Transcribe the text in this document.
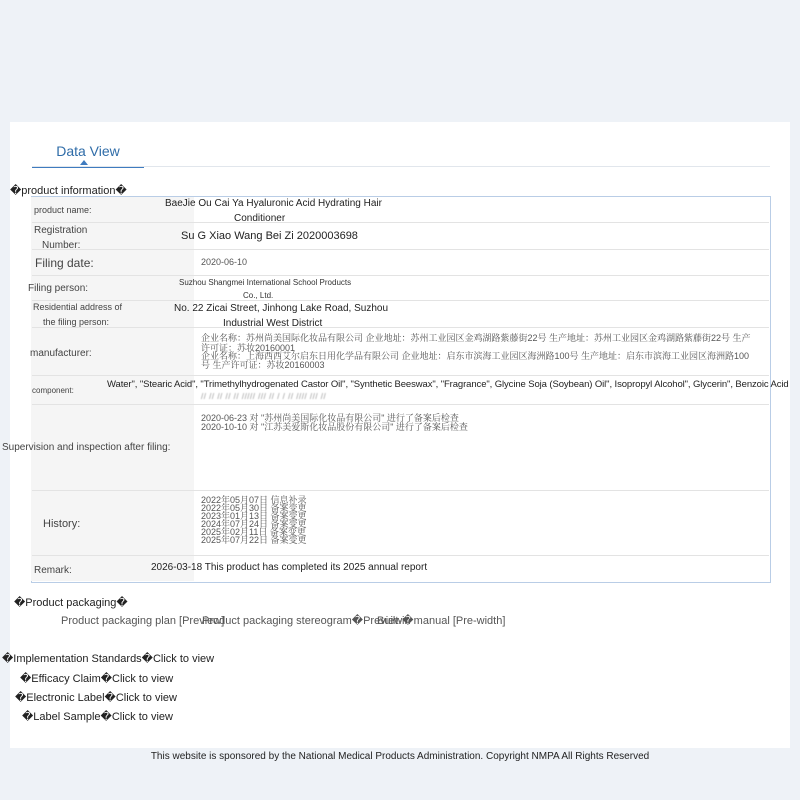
Data View
�product information�
product name:
BaeJie Ou Cai Ya Hyaluronic Acid Hydrating Hair
Conditioner
Registration
Number:
Su G Xiao Wang Bei Zi 2020003698
Filing date:	2020-06-10
Filing person:
Suzhou Shangmei International School Products
Co., Ltd.
Residential address of
the filing person:
No. 22 Zicai Street, Jinhong Lake Road, Suzhou
Industrial West District
manufacturer:
企业名称：苏州尚美国际化妆品有限公司 企业地址：苏州工业园区金鸡湖路紫藤街22号 生产地址：苏州工业园区金鸡湖路紫藤街22号 生产
许可证：苏妆20160001
企业名称：上海西西艾尔启东日用化学品有限公司 企业地址：启东市滨海工业园区海洲路100号 生产地址：启东市滨海工业园区海洲路100
号 生产许可证：苏妆20160003
component:
Water", "Stearic Acid", "Trimethylhydrogenated Castor Oil", "Synthetic Beeswax", "Fragrance", Glycine Soja (Soybean) Oil", Isopropyl Alcohol", Glycerin", Benzoic Acid
// // // // // ///// /// // / / // //// /// //
Supervision and inspection after filing:
2020-06-23 对 "苏州尚美国际化妆品有限公司" 进行了备案后检查
2020-10-10 对 "江苏美爱斯化妆品股份有限公司" 进行了备案后检查
History:
2022年05月07日 信息补录
2022年05月30日 备案变更
2023年01月13日 备案变更
2024年07月24日 备案变更
2025年02月11日 备案变更
2025年07月22日 备案变更
Remark:	2026-03-18 This product has completed its 2025 annual report
�Product packaging�
Product packaging plan [Preview]
Product packaging stereogram�Preview�
Built-in manual [Pre-width]
�Implementation Standards�Click to view
�Efficacy Claim�Click to view
�Electronic Label�Click to view
�Label Sample�Click to view
This website is sponsored by the National Medical Products Administration. Copyright NMPA All Rights Reserved
